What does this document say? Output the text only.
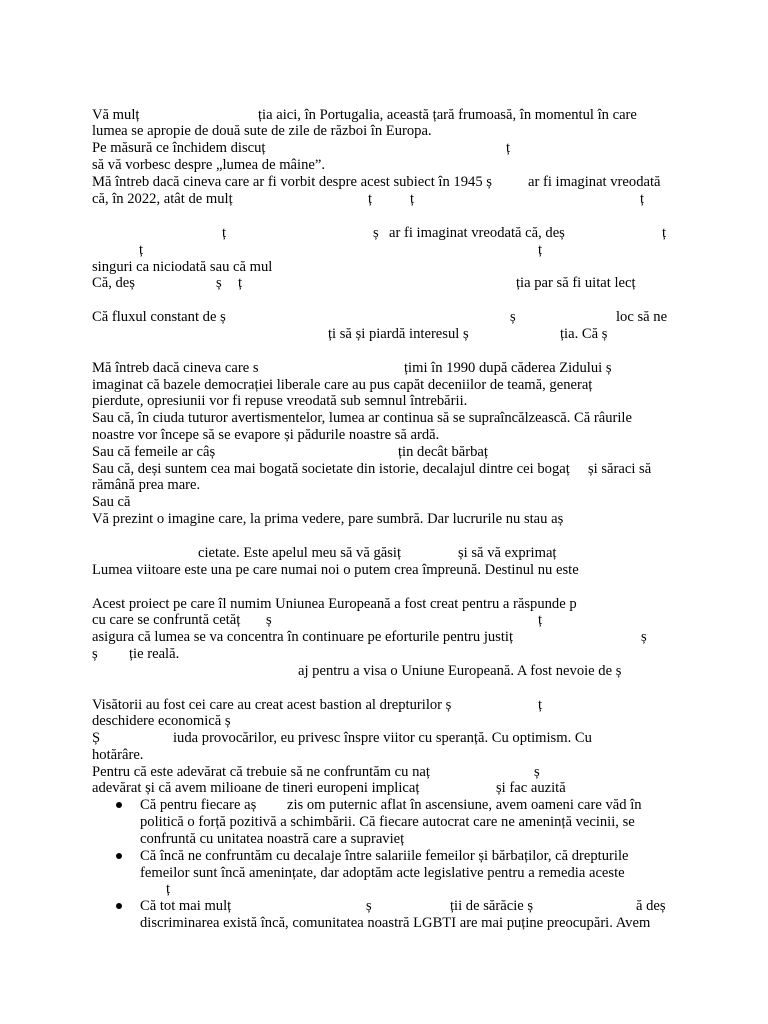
Vă mulț	ția aici, în Portugalia, această țară frumoasă, în momentul în care
lumea se apropie de două sute de zile de război în Europa.
Pe măsură ce închidem discuț	ț
să vă vorbesc despre „lumea de mâine”.
Mă întreb dacă cineva care ar fi vorbit despre acest subiect în 1945 ș ar fi imaginat vreodată
că, în 2022, atât de mulț	ț	ț	ț
ț	ș ar fi imaginat vreodată că, deș	ț
ț	ț
singuri ca niciodată sau că mul
Că, deș	ș ț	ția par să fi uitat lecț
Că fluxul constant de ș	ș	loc să ne
ți să și piardă interesul ș	ția. Că ș
Mă întreb dacă cineva care s	țimi în 1990 după căderea Zidului ș
imaginat că bazele democrației liberale care au pus capăt deceniilor de teamă, generaț
pierdute, opresiunii vor fi repuse vreodată sub semnul întrebării.
Sau că, în ciuda tuturor avertismentelor, lumea ar continua să se supraîncălzească. Că râurile
noastre vor începe să se evapore și pădurile noastre să ardă.
Sau că femeile ar câș	țin decât bărbaț
Sau că, deși suntem cea mai bogată societate din istorie, decalajul dintre cei bogaț și săraci să
rămână prea mare.
Sau că
Vă prezint o imagine care, la prima vedere, pare sumbră. Dar lucrurile nu stau aș
cietate. Este apelul meu să vă găsiț	și să vă exprimaț
Lumea viitoare este una pe care numai noi o putem crea împreună. Destinul nu este
Acest proiect pe care îl numim Uniunea Europeană a fost creat pentru a răspunde p
cu care se confruntă cetăț ș	ț
asigura că lumea se va concentra în continuare pe eforturile pentru justiț	ș
ș ție reală.
aj pentru a visa o Uniune Europeană. A fost nevoie de ș
Visătorii au fost cei care au creat acest bastion al drepturilor ș	ț
deschidere economică ș
Ș	iuda provocărilor, eu privesc înspre viitor cu speranță. Cu optimism. Cu
hotărâre.
Pentru că este adevărat că trebuie să ne confruntăm cu naț	ș
adevărat și că avem milioane de tineri europeni implicaț	și fac auzită
Că pentru fiecare aș zis om puternic aflat în ascensiune, avem oameni care văd în
politică o forță pozitivă a schimbării. Că fiecare autocrat care ne amenință vecinii, se
confruntă cu unitatea noastră care a supravieț
Că încă ne confruntăm cu decalaje între salariile femeilor și bărbaților, că drepturile
femeilor sunt încă amenințate, dar adoptăm acte legislative pentru a remedia aceste
ț
Că tot mai mulț	ș	ții de sărăcie ș	ă deș
discriminarea există încă, comunitatea noastră LGBTI are mai puține preocupări. Avem
